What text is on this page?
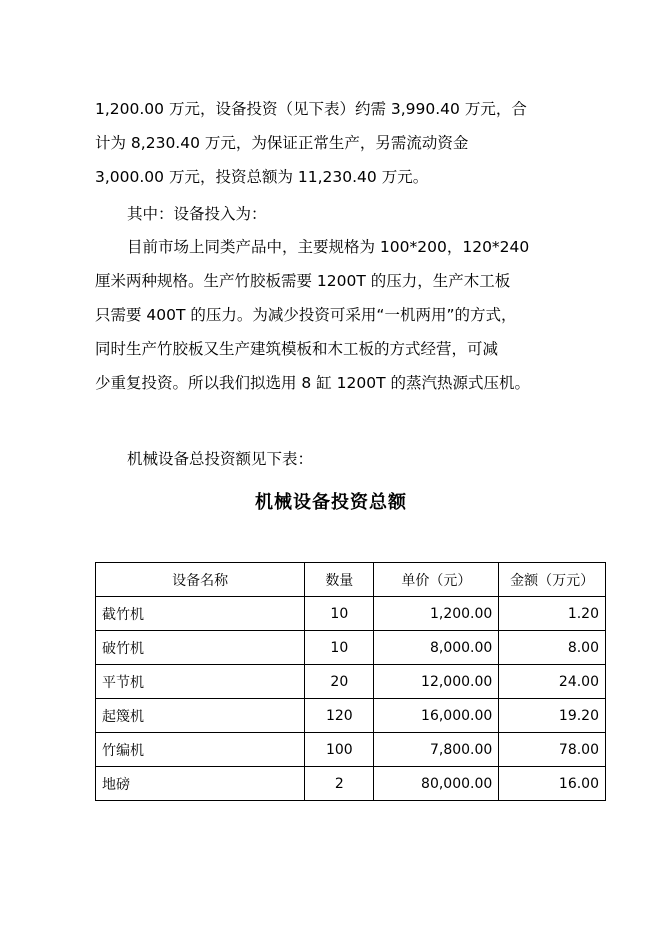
1,200.00 万元，设备投资（见下表）约需 3,990.40 万元，合
计为 8,230.40 万元，为保证正常生产，另需流动资金
3,000.00 万元，投资总额为 11,230.40 万元。
其中：设备投入为：
目前市场上同类产品中，主要规格为 100*200，120*240
厘米两种规格。生产竹胶板需要 1200T 的压力，生产木工板
只需要 400T 的压力。为减少投资可采用“一机两用”的方式，
同时生产竹胶板又生产建筑模板和木工板的方式经营，可减
少重复投资。所以我们拟选用 8 缸 1200T 的蒸汽热源式压机。
机械设备总投资额见下表：
机械设备投资总额
设备名称	数量	单价（元）	金额（万元）
截竹机	10	1,200.00	1.20
破竹机	10	8,000.00	8.00
平节机	20	12,000.00	24.00
起篾机	120	16,000.00	19.20
竹编机	100	7,800.00	78.00
地磅	2	80,000.00	16.00
